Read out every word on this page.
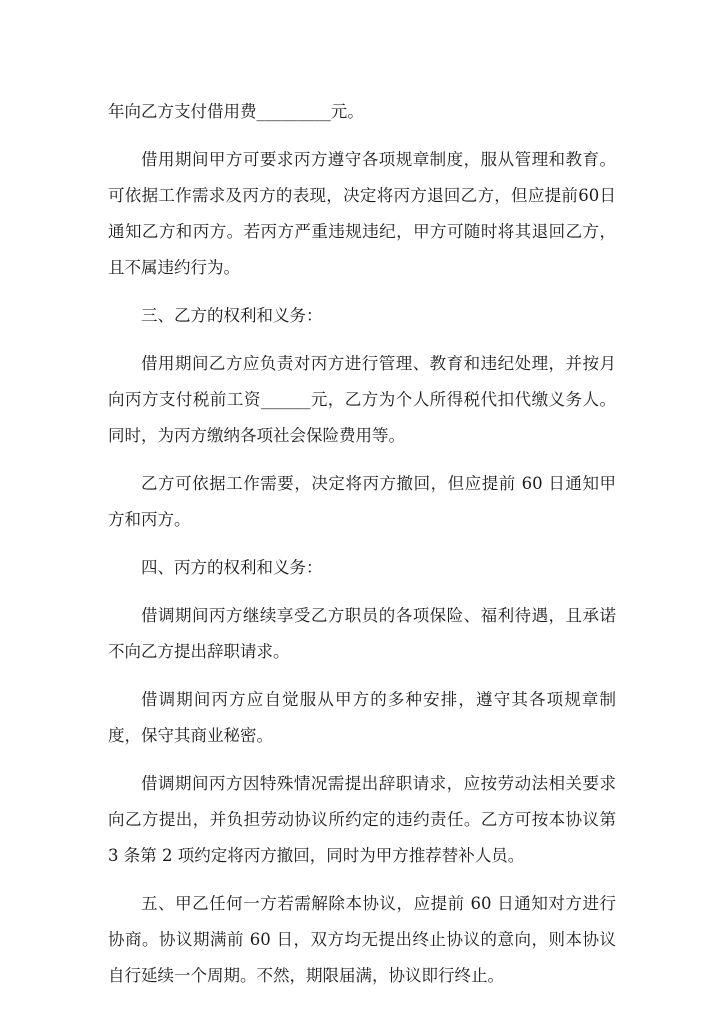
年向乙方支付借用费_________元。

借用期间甲方可要求丙方遵守各项规章制度，服从管理和教育。可依据工作需求及丙方的表现，决定将丙方退回乙方，但应提前60日通知乙方和丙方。若丙方严重违规违纪，甲方可随时将其退回乙方，且不属违约行为。

三、乙方的权利和义务：

借用期间乙方应负责对丙方进行管理、教育和违纪处理，并按月向丙方支付税前工资______元，乙方为个人所得税代扣代缴义务人。同时，为丙方缴纳各项社会保险费用等。

乙方可依据工作需要，决定将丙方撤回，但应提前 60 日通知甲方和丙方。

四、丙方的权利和义务：

借调期间丙方继续享受乙方职员的各项保险、福利待遇，且承诺不向乙方提出辞职请求。

借调期间丙方应自觉服从甲方的多种安排，遵守其各项规章制度，保守其商业秘密。

借调期间丙方因特殊情况需提出辞职请求，应按劳动法相关要求向乙方提出，并负担劳动协议所约定的违约责任。乙方可按本协议第 3 条第 2 项约定将丙方撤回，同时为甲方推荐替补人员。

五、甲乙任何一方若需解除本协议，应提前 60 日通知对方进行协商。协议期满前 60 日，双方均无提出终止协议的意向，则本协议自行延续一个周期。不然，期限届满，协议即行终止。
